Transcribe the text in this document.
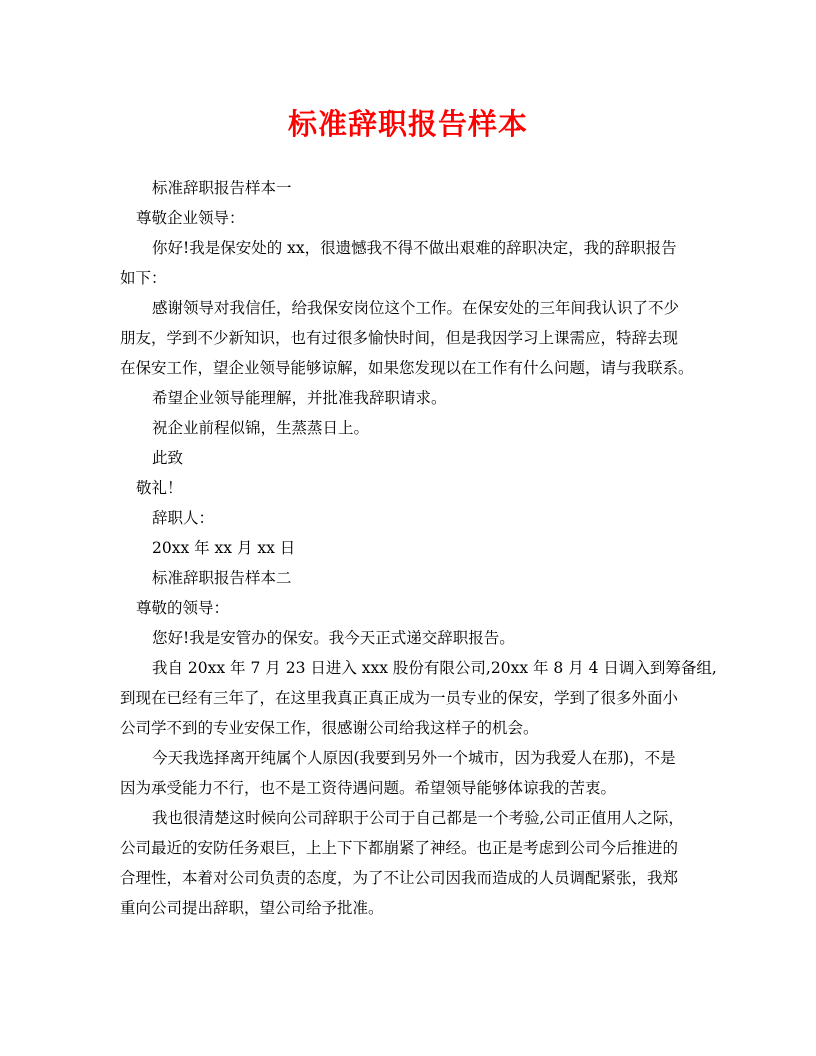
标准辞职报告样本

标准辞职报告样本一

尊敬企业领导：

你好!我是保安处的 xx，很遗憾我不得不做出艰难的辞职决定，我的辞职报告

如下：

感谢领导对我信任，给我保安岗位这个工作。在保安处的三年间我认识了不少

朋友，学到不少新知识，也有过很多愉快时间，但是我因学习上课需应，特辞去现

在保安工作，望企业领导能够谅解，如果您发现以在工作有什么问题，请与我联系。

希望企业领导能理解，并批准我辞职请求。

祝企业前程似锦，生蒸蒸日上。

此致

敬礼！

辞职人：

20xx 年 xx 月 xx 日

标准辞职报告样本二

尊敬的领导：

您好!我是安管办的保安。我今天正式递交辞职报告。

我自 20xx 年 7 月 23 日进入 xxx 股份有限公司,20xx 年 8 月 4 日调入到筹备组,

到现在已经有三年了，在这里我真正真正成为一员专业的保安，学到了很多外面小

公司学不到的专业安保工作，很感谢公司给我这样子的机会。

今天我选择离开纯属个人原因(我要到另外一个城市，因为我爱人在那)，不是

因为承受能力不行，也不是工资待遇问题。希望领导能够体谅我的苦衷。

我也很清楚这时候向公司辞职于公司于自己都是一个考验,公司正值用人之际，

公司最近的安防任务艰巨，上上下下都崩紧了神经。也正是考虑到公司今后推进的

合理性，本着对公司负责的态度，为了不让公司因我而造成的人员调配紧张，我郑

重向公司提出辞职，望公司给予批准。
